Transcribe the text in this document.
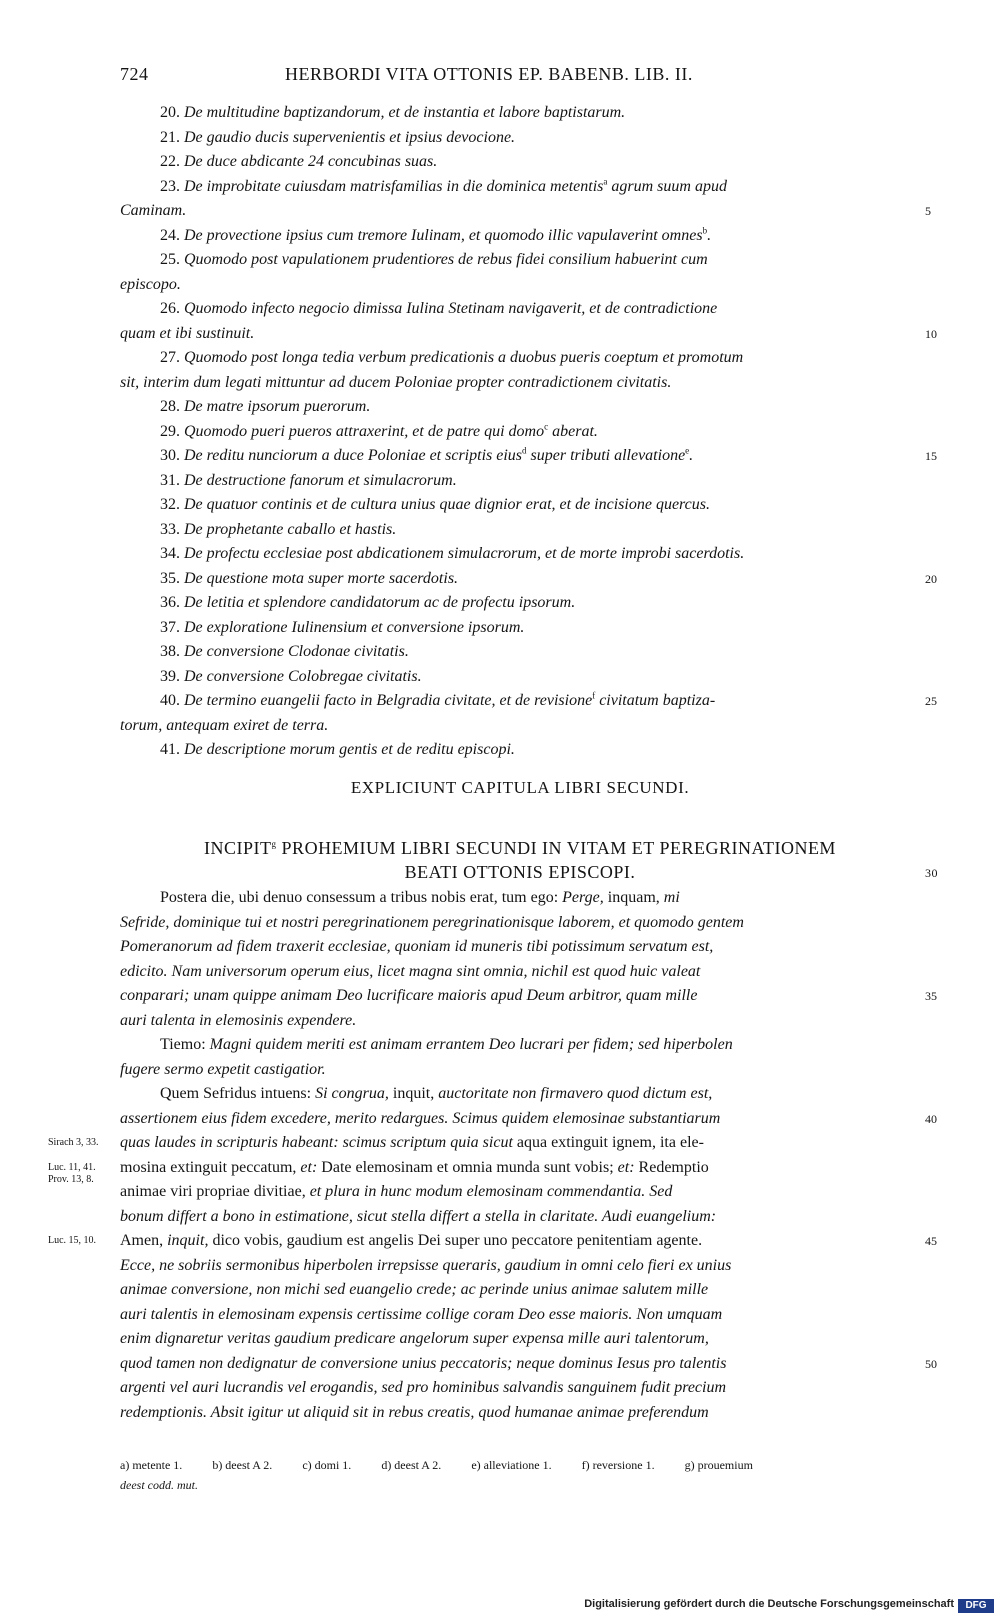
724	HERBORDI VITA OTTONIS EP. BABENB. LIB. II.
20. De multitudine baptizandorum, et de instantia et labore baptistarum.
21. De gaudio ducis supervenientis et ipsius devocione.
22. De duce abdicante 24 concubinas suas.
23. De improbitate cuiusdam matrisfamilias in die dominica metentis$^a$ agrum suum apud
Caminam.	5
24. De provectione ipsius cum tremore Iulinam, et quomodo illic vapulaverint omnes$^b$.
25. Quomodo post vapulationem prudentiores de rebus fidei consilium habuerint cum
episcopo.
26. Quomodo infecto negocio dimissa Iulina Stetinam navigaverit, et de contradictione
quam et ibi sustinuit.	10
27. Quomodo post longa tedia verbum predicationis a duobus pueris coeptum et promotum
sit, interim dum legati mittuntur ad ducem Poloniae propter contradictionem civitatis.
28. De matre ipsorum puerorum.
29. Quomodo pueri pueros attraxerint, et de patre qui domo$^c$ aberat.
30. De reditu nunciorum a duce Poloniae et scriptis eius$^d$ super tributi allevatione$^e$.	15
31. De destructione fanorum et simulacrorum.
32. De quatuor continis et de cultura unius quae dignior erat, et de incisione quercus.
33. De prophetante caballo et hastis.
34. De profectu ecclesiae post abdicationem simulacrorum, et de morte improbi sacerdotis.
35. De questione mota super morte sacerdotis.	20
36. De letitia et splendore candidatorum ac de profectu ipsorum.
37. De exploratione Iulinensium et conversione ipsorum.
38. De conversione Clodonae civitatis.
39. De conversione Colobregae civitatis.
40. De termino euangelii facto in Belgradia civitate, et de revisione$^f$ civitatum baptiza-	25
torum, antequam exiret de terra.
41. De descriptione morum gentis et de reditu episcopi.
EXPLICIUNT CAPITULA LIBRI SECUNDI.
INCIPIT$^g$ PROHEMIUM LIBRI SECUNDI IN VITAM ET PEREGRINATIONEM
BEATI OTTONIS EPISCOPI.	30
Postera die, ubi denuo consessum a tribus nobis erat, tum ego: Perge, inquam, mi
Sefride, dominique tui et nostri peregrinationem peregrinationisque laborem, et quomodo gentem
Pomeranorum ad fidem traxerit ecclesiae, quoniam id muneris tibi potissimum servatum est,
edicito. Nam universorum operum eius, licet magna sint omnia, nichil est quod huic valeat
conparari; unam quippe animam Deo lucrificare maioris apud Deum arbitror, quam mille	35
auri talenta in elemosinis expendere.
Tiemo: Magni quidem meriti est animam errantem Deo lucrari per fidem; sed hiperbolen
fugere sermo expetit castigatior.
Quem Sefridus intuens: Si congrua, inquit, auctoritate non firmavero quod dictum est,
assertionem eius fidem excedere, merito redargues. Scimus quidem elemosinae substantiarum	40
quas laudes in scripturis habeant: scimus scriptum quia sicut aqua extinguit ignem, ita ele-
mosina extinguit peccatum, et: Date elemosinam et omnia munda sunt vobis; et: Redemptio
animae viri propriae divitiae, et plura in hunc modum elemosinam commendantia. Sed
bonum differt a bono in estimatione, sicut stella differt a stella in claritate. Audi euangelium:
Amen, inquit, dico vobis, gaudium est angelis Dei super uno peccatore penitentiam agente.	45
Ecce, ne sobriis sermonibus hiperbolen irrepsisse queraris, gaudium in omni celo fieri ex unius
animae conversione, non michi sed euangelio crede; ac perinde unius animae salutem mille
auri talentis in elemosinam expensis certissime collige coram Deo esse maioris. Non umquam
enim dignaretur veritas gaudium predicare angelorum super expensa mille auri talentorum,
quod tamen non dedignatur de conversione unius peccatoris; neque dominus Iesus pro talentis	50
argenti vel auri lucrandis vel erogandis, sed pro hominibus salvandis sanguinem fudit precium
redemptionis. Absit igitur ut aliquid sit in rebus creatis, quod humanae animae preferendum
a) metente 1.	b) deest A 2.	c) domi 1.	d) deest A 2.	e) alleviatione 1.	f) reversione 1.	g) prouemium
deest codd. mut.
Sirach 3, 33.
Luc. 11, 41.
Prov. 13, 8.
Luc. 15, 10.
Digitalisierung gefördert durch die Deutsche Forschungsgemeinschaft	DFG
